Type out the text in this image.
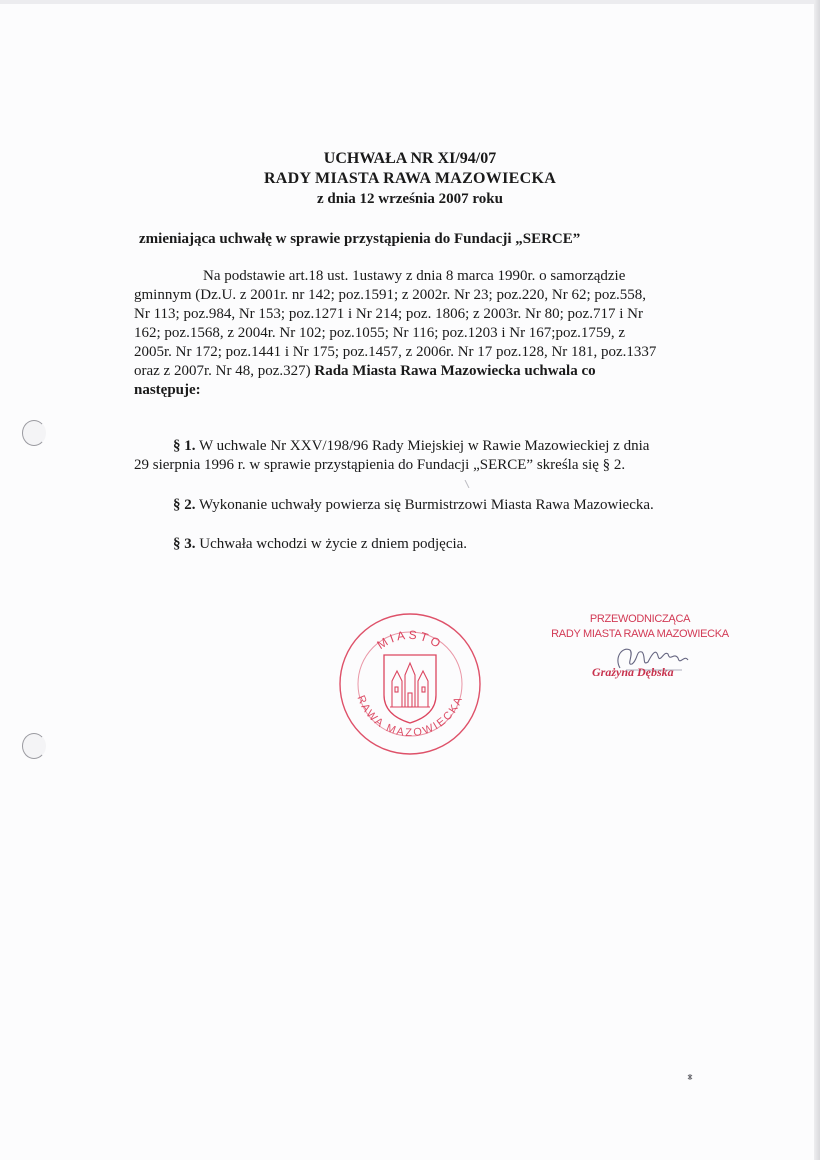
UCHWAŁA NR XI/94/07
RADY MIASTA RAWA MAZOWIECKA
z dnia 12 września 2007 roku
zmieniająca uchwałę w sprawie przystąpienia do Fundacji „SERCE”
Na podstawie art.18 ust. 1ustawy z dnia 8 marca 1990r. o samorządzie
gminnym (Dz.U. z 2001r. nr 142; poz.1591; z 2002r. Nr 23; poz.220, Nr 62; poz.558,
Nr 113; poz.984, Nr 153; poz.1271 i Nr 214; poz. 1806; z 2003r. Nr 80; poz.717 i Nr
162; poz.1568, z 2004r. Nr 102; poz.1055; Nr 116; poz.1203 i Nr 167;poz.1759, z
2005r. Nr 172; poz.1441 i Nr 175; poz.1457, z 2006r. Nr 17 poz.128, Nr 181, poz.1337
oraz z 2007r. Nr 48, poz.327) Rada Miasta Rawa Mazowiecka uchwala co
następuje:
§ 1. W uchwale Nr XXV/198/96 Rady Miejskiej w Rawie Mazowieckiej z dnia
29 sierpnia 1996 r. w sprawie przystąpienia do Fundacji „SERCE” skreśla się § 2.
§ 2. Wykonanie uchwały powierza się Burmistrzowi Miasta Rawa Mazowiecka.
§ 3. Uchwała wchodzi w życie z dniem podjęcia.
MIASTO
RAWA MAZOWIECKA
PRZEWODNICZĄCA
RADY MIASTA RAWA MAZOWIECKA
Grażyna Dębska
